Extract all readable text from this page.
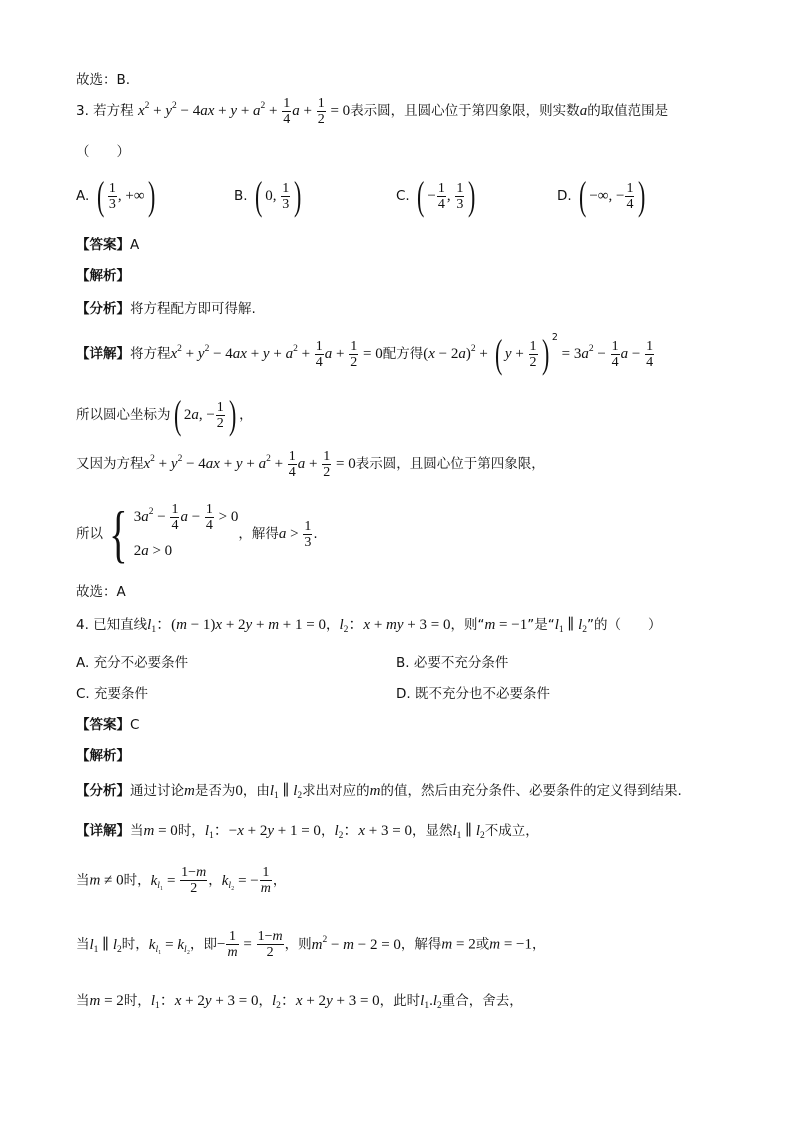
故选：B.
3. 若方程 $x^2 + y^2 - 4ax + y + a^2 + \frac{1}{4}$ $a + \frac{1}{2} = 0$表示圆，且圆心位于第四象限，则实数a的取值范围是
（　　）
A. ( $\frac{1}{3}$ , +∞)	B. ( 0, $\frac{1}{3}$ )	C. ( − $\frac{1}{4}$ , $\frac{1}{3}$ )	D. ( −∞, − $\frac{1}{4}$ )
【答案】A
【解析】
【分析】将方程配方即可得解.
【详解】将方程$x^2 + y^2 - 4ax + y + a^2 + \frac{1}{4}$ $a + \frac{1}{2} = 0$配方得$(x - 2a)^2$ + ( $y + \frac{1}{2}$ ) $^2 = 3a^2 - \frac{1}{4}$ $a - \frac{1}{4}$
所以圆心坐标为( 2a, − $\frac{1}{2}$ ) ，
又因为方程$x^2 + y^2 - 4ax + y + a^2 + \frac{1}{4}$ $a + \frac{1}{2} = 0$表示圆，且圆心位于第四象限，
所以{ $3a^2 - \frac{1}{4}$ $a - \frac{1}{4} > 0$
2a > 0
，解得$a > \frac{1}{3}$ .
故选：A
4. 已知直线$l_1$：(m − 1)x + 2y + m + 1 = 0，$l_2$：x + my + 3 = 0，则“m = −1”是“$l_1$ ∥ $l_2$”的（　　）
A. 充分不必要条件	B. 必要不充分条件
C. 充要条件	D. 既不充分也不必要条件
【答案】C
【解析】
【分析】通过讨论m是否为0，由$l_1$ ∥ $l_2$求出对应的m的值，然后由充分条件、必要条件的定义得到结果.
【详解】当m = 0时，$l_1$：−x + 2y + 1 = 0，$l_2$：x + 3 = 0，显然$l_1$ ∥ $l_2$不成立，
当m ≠ 0时，$k_{l_1} = \frac{1-m}{2}$ ，$k_{l_2}$ = − $\frac{1}{m}$ ，
当$l_1$ ∥ $l_2$时，$k_{l_1} = k_{l_2}$，即− $\frac{1}{m} = \frac{1-m}{2}$ ，则$m^2 - m - 2 = 0$，解得m = 2或m = −1，
当m = 2时，$l_1$：x + 2y + 3 = 0，$l_2$：x + 2y + 3 = 0，此时$l_1.l_2$重合，舍去，
